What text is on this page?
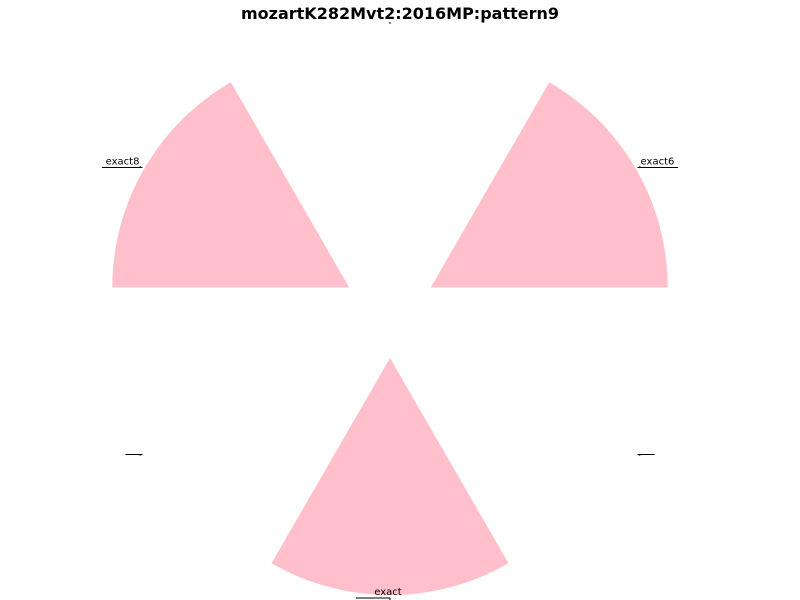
mozartK282Mvt2:2016MP:pattern9
exact6
exact8
exact
